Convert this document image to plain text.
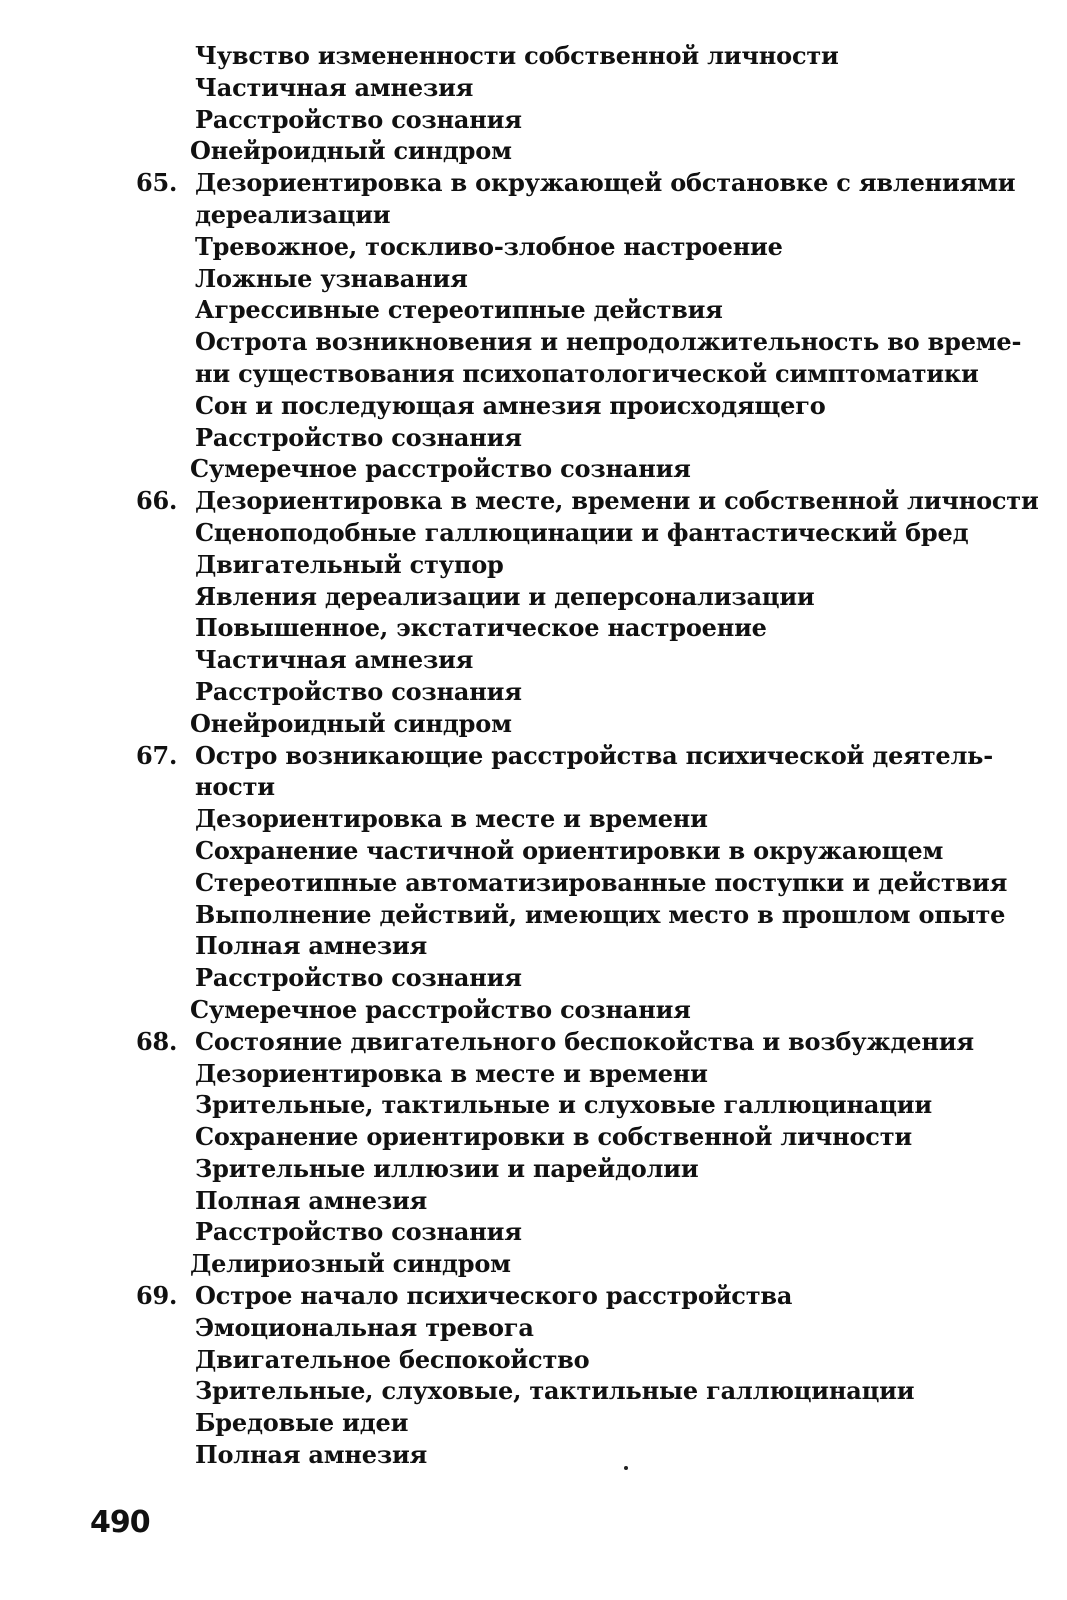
Чувство измененности собственной личности
Частичная амнезия
Расстройство сознания
Онейроидный синдром
65. Дезориентировка в окружающей обстановке с явлениями
дереализации
Тревожное, тоскливо-злобное настроение
Ложные узнавания
Агрессивные стереотипные действия
Острота возникновения и непродолжительность во време-
ни существования психопатологической симптоматики
Сон и последующая амнезия происходящего
Расстройство сознания
Сумеречное расстройство сознания
66. Дезориентировка в месте, времени и собственной личности
Сценоподобные галлюцинации и фантастический бред
Двигательный ступор
Явления дереализации и деперсонализации
Повышенное, экстатическое настроение
Частичная амнезия
Расстройство сознания
Онейроидный синдром
67. Остро возникающие расстройства психической деятель-
ности
Дезориентировка в месте и времени
Сохранение частичной ориентировки в окружающем
Стереотипные автоматизированные поступки и действия
Выполнение действий, имеющих место в прошлом опыте
Полная амнезия
Расстройство сознания
Сумеречное расстройство сознания
68. Состояние двигательного беспокойства и возбуждения
Дезориентировка в месте и времени
Зрительные, тактильные и слуховые галлюцинации
Сохранение ориентировки в собственной личности
Зрительные иллюзии и парейдолии
Полная амнезия
Расстройство сознания
Делириозный синдром
69. Острое начало психического расстройства
Эмоциональная тревога
Двигательное беспокойство
Зрительные, слуховые, тактильные галлюцинации
Бредовые идеи
Полная амнезия
490
